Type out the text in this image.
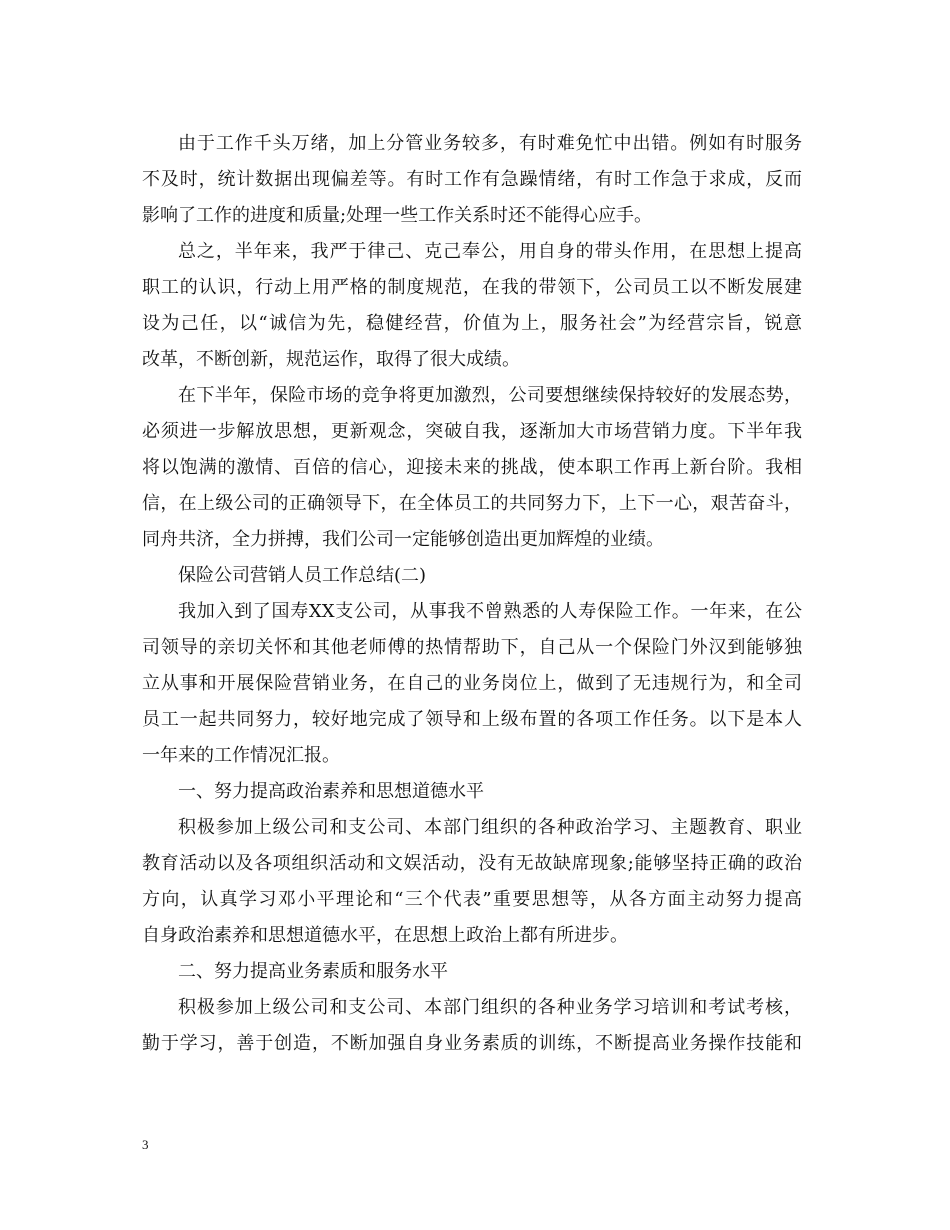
由于工作千头万绪，加上分管业务较多，有时难免忙中出错。例如有时服务
不及时，统计数据出现偏差等。有时工作有急躁情绪，有时工作急于求成，反而
影响了工作的进度和质量;处理一些工作关系时还不能得心应手。
总之，半年来，我严于律己、克己奉公，用自身的带头作用，在思想上提高
职工的认识，行动上用严格的制度规范，在我的带领下，公司员工以不断发展建
设为己任，以“诚信为先，稳健经营，价值为上，服务社会”为经营宗旨，锐意
改革，不断创新，规范运作，取得了很大成绩。
在下半年，保险市场的竞争将更加激烈，公司要想继续保持较好的发展态势，
必须进一步解放思想，更新观念，突破自我，逐渐加大市场营销力度。下半年我
将以饱满的激情、百倍的信心，迎接未来的挑战，使本职工作再上新台阶。我相
信，在上级公司的正确领导下，在全体员工的共同努力下，上下一心，艰苦奋斗，
同舟共济，全力拼搏，我们公司一定能够创造出更加辉煌的业绩。
保险公司营销人员工作总结(二)
我加入到了国寿XX支公司，从事我不曾熟悉的人寿保险工作。一年来，在公
司领导的亲切关怀和其他老师傅的热情帮助下，自己从一个保险门外汉到能够独
立从事和开展保险营销业务，在自己的业务岗位上，做到了无违规行为，和全司
员工一起共同努力，较好地完成了领导和上级布置的各项工作任务。以下是本人
一年来的工作情况汇报。
一、努力提高政治素养和思想道德水平
积极参加上级公司和支公司、本部门组织的各种政治学习、主题教育、职业
教育活动以及各项组织活动和文娱活动，没有无故缺席现象;能够坚持正确的政治
方向，认真学习邓小平理论和“三个代表”重要思想等，从各方面主动努力提高
自身政治素养和思想道德水平，在思想上政治上都有所进步。
二、努力提高业务素质和服务水平
积极参加上级公司和支公司、本部门组织的各种业务学习培训和考试考核，
勤于学习，善于创造，不断加强自身业务素质的训练，不断提高业务操作技能和
3
